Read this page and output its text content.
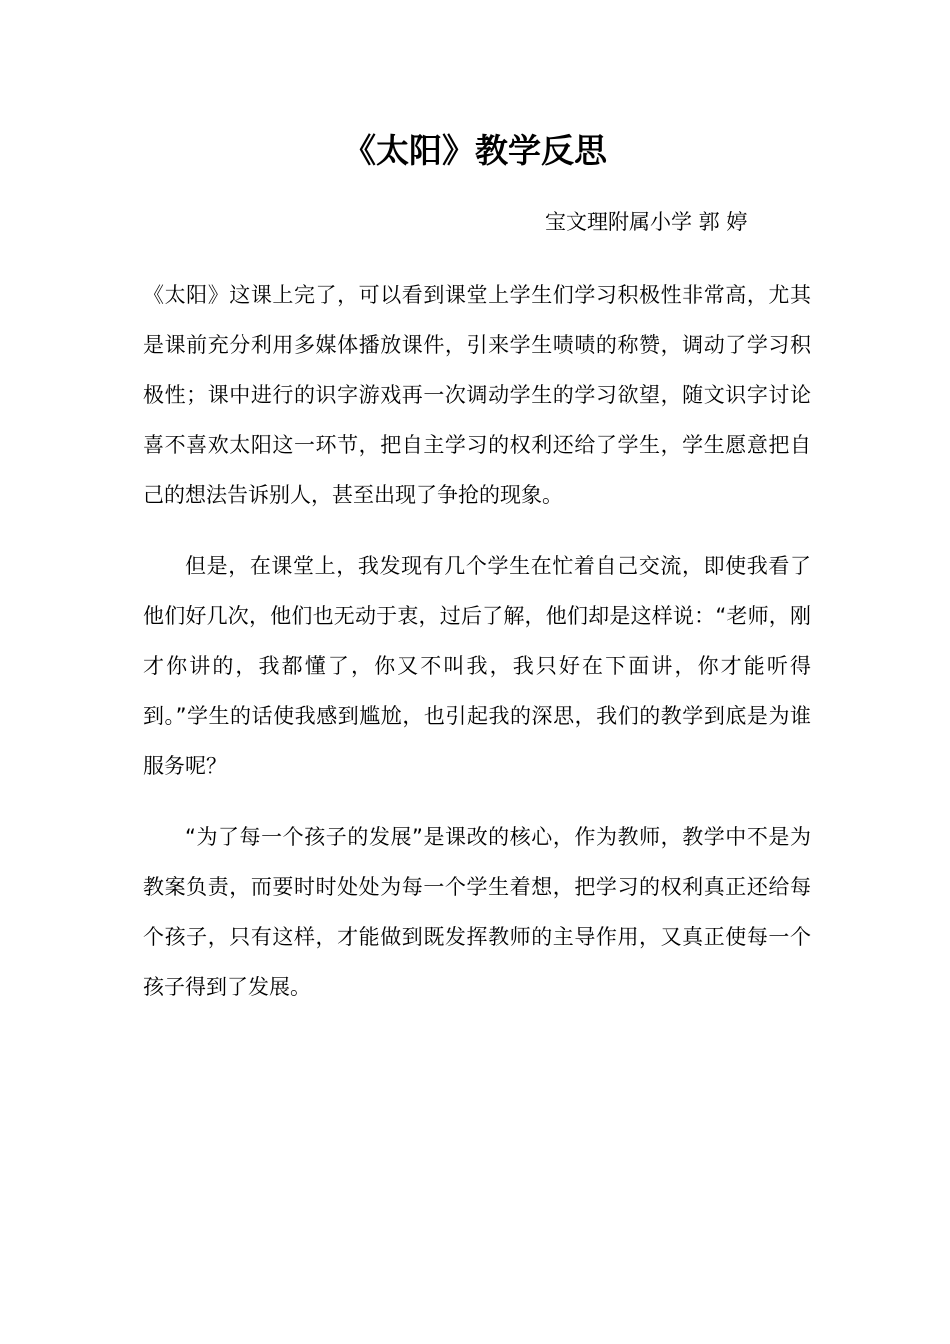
《太阳》教学反思

宝文理附属小学 郭 婷

《太阳》这课上完了，可以看到课堂上学生们学习积极性非常高，尤其是课前充分利用多媒体播放课件，引来学生啧啧的称赞，调动了学习积极性；课中进行的识字游戏再一次调动学生的学习欲望，随文识字讨论喜不喜欢太阳这一环节，把自主学习的权利还给了学生，学生愿意把自己的想法告诉别人，甚至出现了争抢的现象。

但是，在课堂上，我发现有几个学生在忙着自己交流，即使我看了他们好几次，他们也无动于衷，过后了解，他们却是这样说：“老师，刚才你讲的，我都懂了，你又不叫我，我只好在下面讲，你才能听得到。”学生的话使我感到尴尬，也引起我的深思，我们的教学到底是为谁服务呢？

“为了每一个孩子的发展”是课改的核心，作为教师，教学中不是为教案负责，而要时时处处为每一个学生着想，把学习的权利真正还给每个孩子，只有这样，才能做到既发挥教师的主导作用，又真正使每一个孩子得到了发展。
